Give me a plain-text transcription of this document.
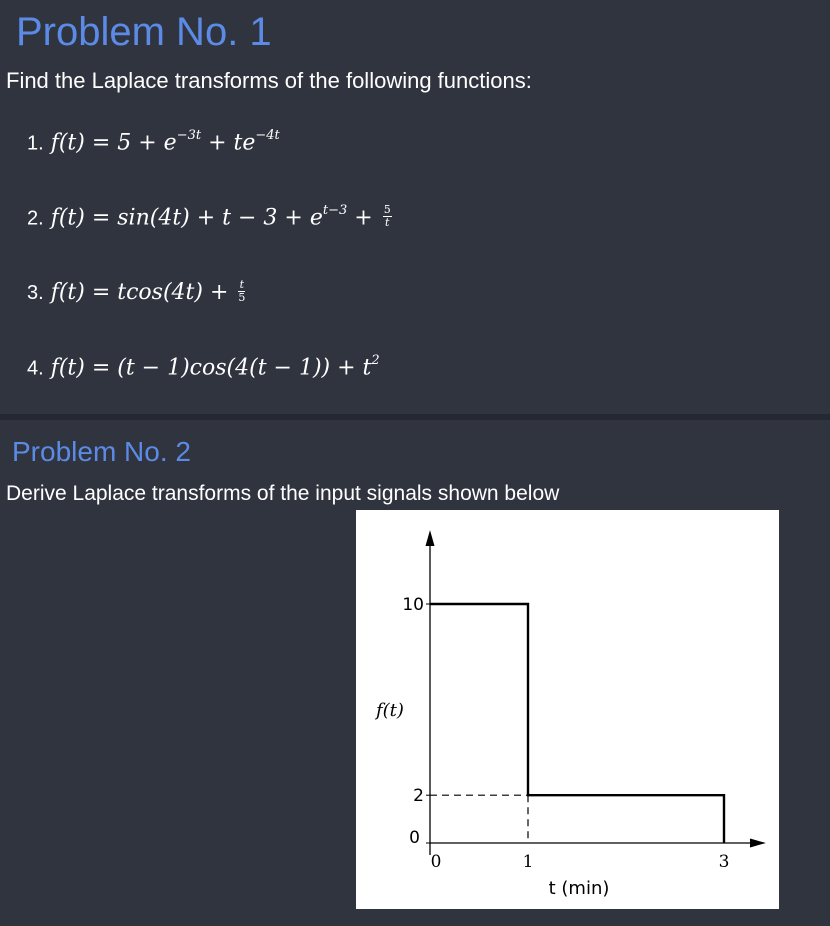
Problem No. 1
Find the Laplace transforms of the following functions:
1. $f(t) = 5 + e^{-3t} + te^{-4t}$
2. $f(t) = \sin(4t) + t - 3 + e^{t-3} + \frac{5}{t}$
3. $f(t) = tcos(4t) + \frac{t}{5}$
4. $f(t) = (t - 1)\cos(4(t - 1)) + t^2$
Problem No. 2
Derive Laplace transforms of the input signals shown below
0
2
10
0	1	3
f(t)
t (min)
